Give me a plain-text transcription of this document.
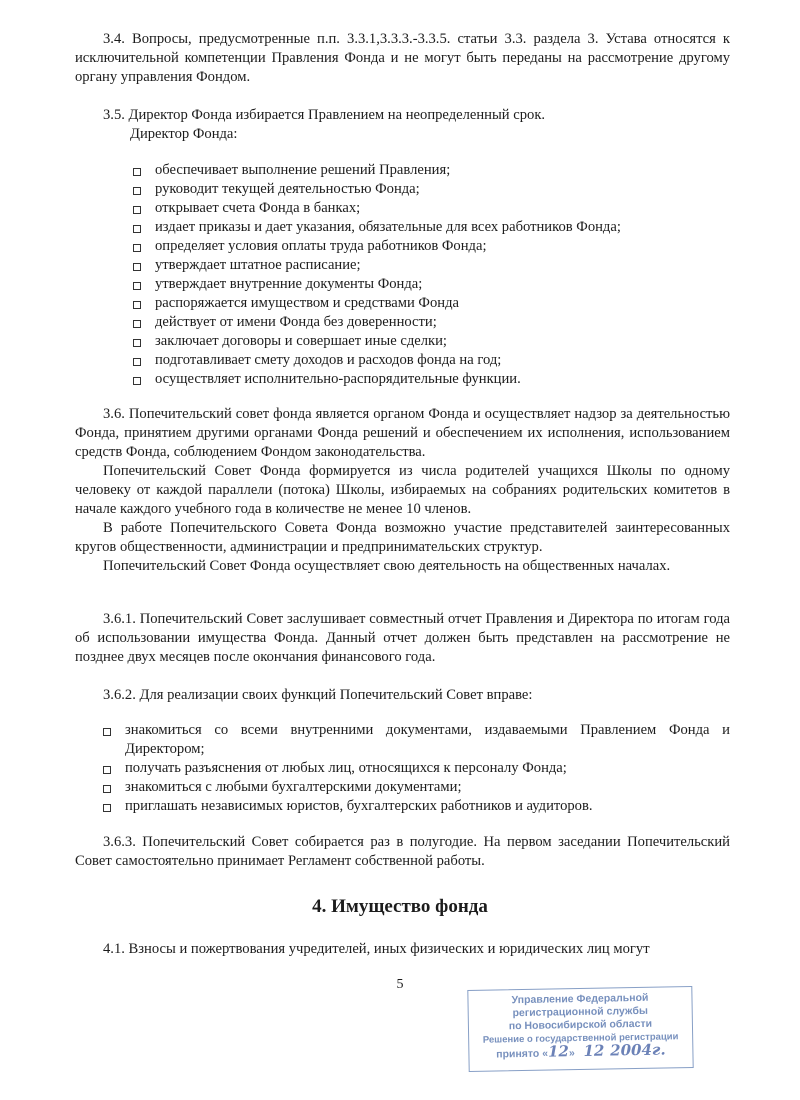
3.4. Вопросы, предусмотренные п.п. 3.3.1,3.3.3.-3.3.5. статьи 3.3. раздела 3. Устава относятся к исключительной компетенции Правления Фонда и не могут быть переданы на рассмотрение другому органу управления Фондом.
3.5. Директор Фонда избирается Правлением на неопределенный срок.
Директор Фонда:
обеспечивает выполнение решений Правления;
руководит текущей деятельностью Фонда;
открывает счета Фонда в банках;
издает приказы и дает указания, обязательные для всех работников Фонда;
определяет условия оплаты труда работников Фонда;
утверждает штатное расписание;
утверждает внутренние документы Фонда;
распоряжается имуществом и средствами Фонда
действует от имени Фонда без доверенности;
заключает договоры и совершает иные сделки;
подготавливает смету доходов и расходов фонда на год;
осуществляет исполнительно-распорядительные функции.
3.6. Попечительский совет фонда является органом Фонда и осуществляет надзор за деятельностью Фонда, принятием другими органами Фонда решений и обеспечением их исполнения, использованием средств Фонда, соблюдением Фондом законодательства.
Попечительский Совет Фонда формируется из числа родителей учащихся Школы по одному человеку от каждой параллели (потока) Школы, избираемых на собраниях родительских комитетов в начале каждого учебного года в количестве не менее 10 членов.
В работе Попечительского Совета Фонда возможно участие представителей заинтересованных кругов общественности, администрации и предпринимательских структур.
Попечительский Совет Фонда осуществляет свою деятельность на общественных началах.
3.6.1. Попечительский Совет заслушивает совместный отчет Правления и Директора по итогам года об использовании имущества Фонда. Данный отчет должен быть представлен на рассмотрение не позднее двух месяцев после окончания финансового года.
3.6.2. Для реализации своих функций Попечительский Совет вправе:
знакомиться со всеми внутренними документами, издаваемыми Правлением Фонда и Директором;
получать разъяснения от любых лиц, относящихся к персоналу Фонда;
знакомиться с любыми бухгалтерскими документами;
приглашать независимых юристов, бухгалтерских работников и аудиторов.
3.6.3. Попечительский Совет собирается раз в полугодие. На первом заседании Попечительский Совет самостоятельно принимает Регламент собственной работы.
4. Имущество фонда
4.1. Взносы и пожертвования учредителей, иных физических и юридических лиц могут
5
Управление Федеральной
регистрационной службы
по Новосибирской области
Решение о государственной регистрации
принято «12» 12 2004г.
